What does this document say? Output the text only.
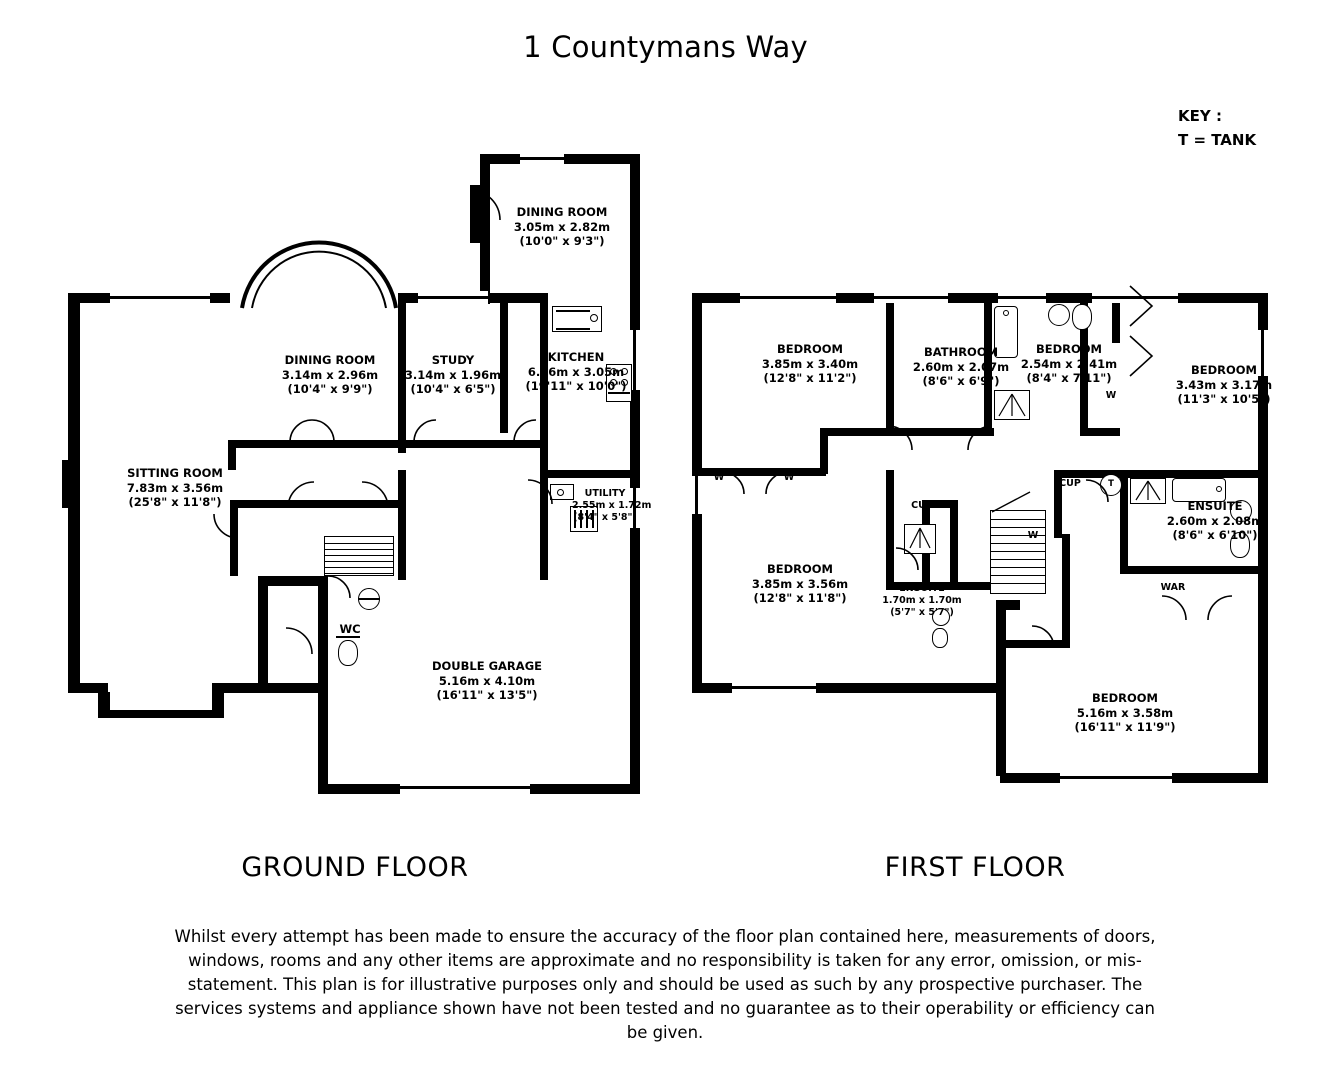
1 Countymans Way
KEY :
T = TANK
DINING ROOM
3.05m x 2.82m
(10'0" x 9'3")
DINING ROOM
3.14m x 2.96m
(10'4" x 9'9")
STUDY
3.14m x 1.96m
(10'4" x 6'5")
KITCHEN
6.06m x 3.05m
(19'11" x 10'0")
SITTING ROOM
7.83m x 3.56m
(25'8" x 11'8")
UTILITY
2.55m x 1.72m
(8'4" x 5'8")
WC
DOUBLE GARAGE
5.16m x 4.10m
(16'11" x 13'5")
T
CUP
CUP
WAR
W	W
W
W
BEDROOM
3.85m x 3.40m
(12'8" x 11'2")
BATHROOM
2.60m x 2.07m
(8'6" x 6'9")
BEDROOM
2.54m x 2.41m
(8'4" x 7'11")
BEDROOM
3.43m x 3.17m
(11'3" x 10'5")
ENSUITE
2.60m x 2.08m
(8'6" x 6'10")
BEDROOM
3.85m x 3.56m
(12'8" x 11'8")
ENSUITE
1.70m x 1.70m
(5'7" x 5'7")
BEDROOM
5.16m x 3.58m
(16'11" x 11'9")
GROUND FLOOR	FIRST FLOOR
Whilst every attempt has been made to ensure the accuracy of the floor plan contained here, measurements of doors, windows, rooms and any other items are approximate and no responsibility is taken for any error, omission, or mis-statement. This plan is for illustrative purposes only and should be used as such by any prospective purchaser. The services systems and appliance shown have not been tested and no guarantee as to their operability or efficiency can be given.
